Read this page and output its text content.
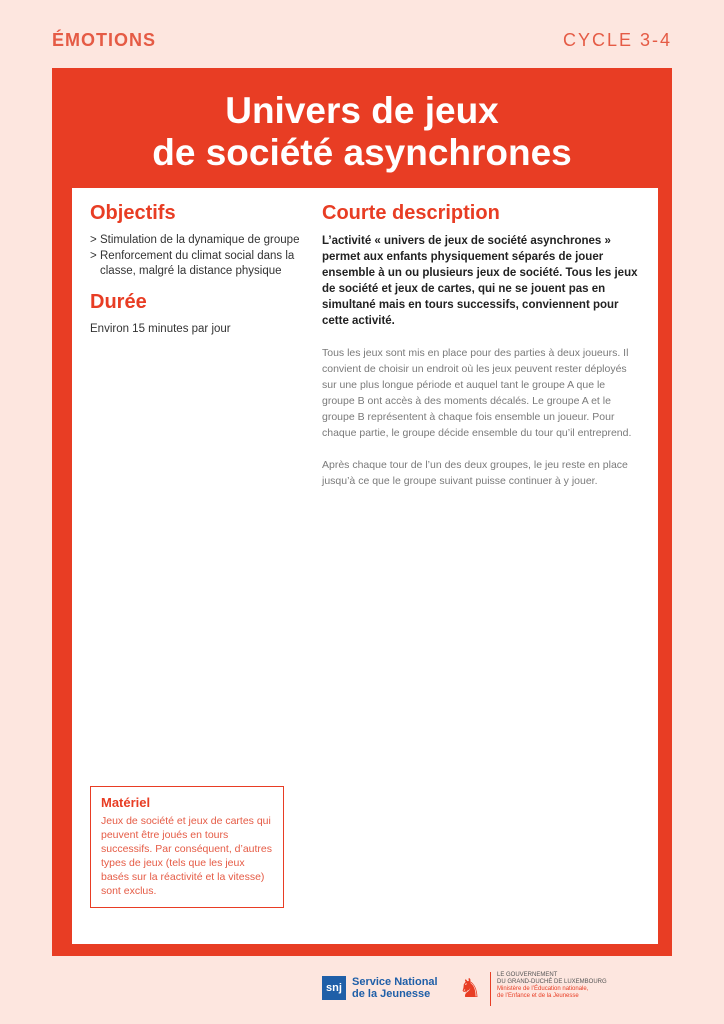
ÉMOTIONS	CYCLE 3-4
Univers de jeux
de société asynchrones
Objectifs
> Stimulation de la dynamique de groupe
> Renforcement du climat social dans la classe, malgré la distance physique
Durée

Environ 15 minutes par jour

Courte description

L’activité « univers de jeux de société asynchrones » permet aux enfants physiquement séparés de jouer ensemble à un ou plusieurs jeux de société. Tous les jeux de société et jeux de cartes, qui ne se jouent pas en simultané mais en tours successifs, conviennent pour cette activité.

Tous les jeux sont mis en place pour des parties à deux joueurs. Il convient de choisir un endroit où les jeux peuvent rester déployés sur une plus longue période et auquel tant le groupe A que le groupe B ont accès à des moments décalés. Le groupe A et le groupe B représentent à chaque fois ensemble un joueur. Pour chaque partie, le groupe décide ensemble du tour qu’il entreprend.

Après chaque tour de l’un des deux groupes, le jeu reste en place jusqu’à ce que le groupe suivant puisse continuer à y jouer.

Matériel

Jeux de société et jeux de cartes qui peuvent être joués en tours successifs. Par conséquent, d’autres types de jeux (tels que les jeux basés sur la réactivité et la vitesse) sont exclus.

snj Service National
de la Jeunesse ♞	LE GOUVERNEMENT
DU GRAND-DUCHÉ DE LUXEMBOURG
Ministère de l’Éducation nationale,
de l’Enfance et de la Jeunesse
